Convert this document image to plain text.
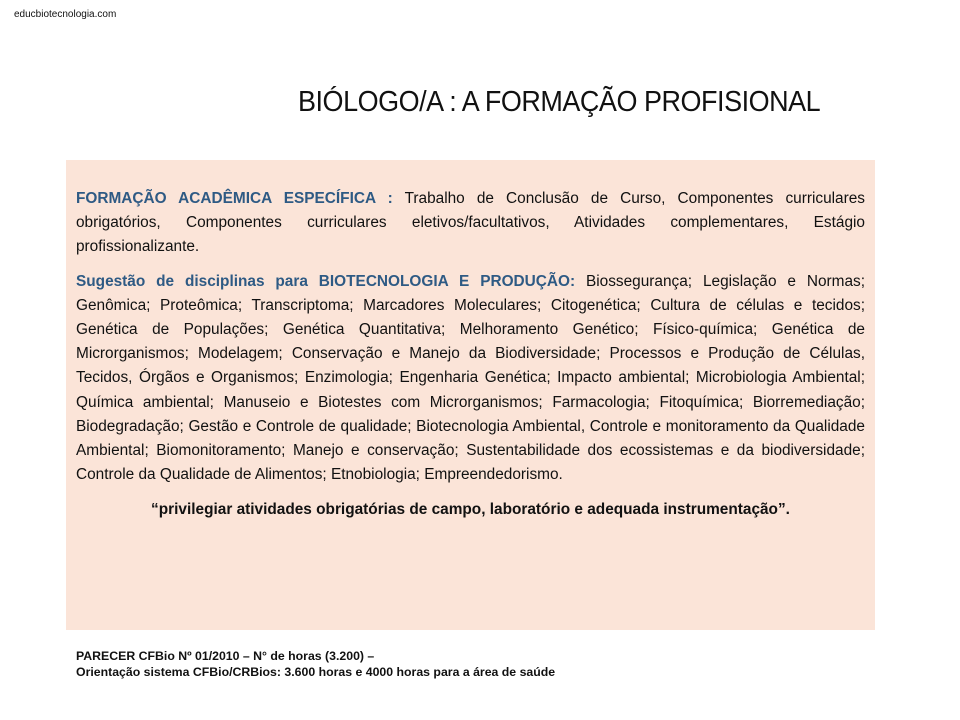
educbiotecnologia.com
BIÓLOGO/A : A FORMAÇÃO PROFISIONAL

FORMAÇÃO ACADÊMICA ESPECÍFICA : Trabalho de Conclusão de Curso, Componentes curriculares obrigatórios, Componentes curriculares eletivos/facultativos, Atividades complementares, Estágio profissionalizante.

Sugestão de disciplinas para BIOTECNOLOGIA E PRODUÇÃO: Biossegurança; Legislação e Normas; Genômica; Proteômica; Transcriptoma; Marcadores Moleculares; Citogenética; Cultura de células e tecidos; Genética de Populações; Genética Quantitativa; Melhoramento Genético; Físico-química; Genética de Microrganismos; Modelagem; Conservação e Manejo da Biodiversidade; Processos e Produção de Células, Tecidos, Órgãos e Organismos; Enzimologia; Engenharia Genética; Impacto ambiental; Microbiologia Ambiental; Química ambiental; Manuseio e Biotestes com Microrganismos; Farmacologia; Fitoquímica; Biorremediação; Biodegradação; Gestão e Controle de qualidade; Biotecnologia Ambiental, Controle e monitoramento da Qualidade Ambiental; Biomonitoramento; Manejo e conservação; Sustentabilidade dos ecossistemas e da biodiversidade; Controle da Qualidade de Alimentos; Etnobiologia; Empreendedorismo.

“privilegiar atividades obrigatórias de campo, laboratório e adequada instrumentação”.
PARECER CFBio Nº 01/2010 – N° de horas (3.200) –
Orientação sistema CFBio/CRBios: 3.600 horas e 4000 horas para a área de saúde
